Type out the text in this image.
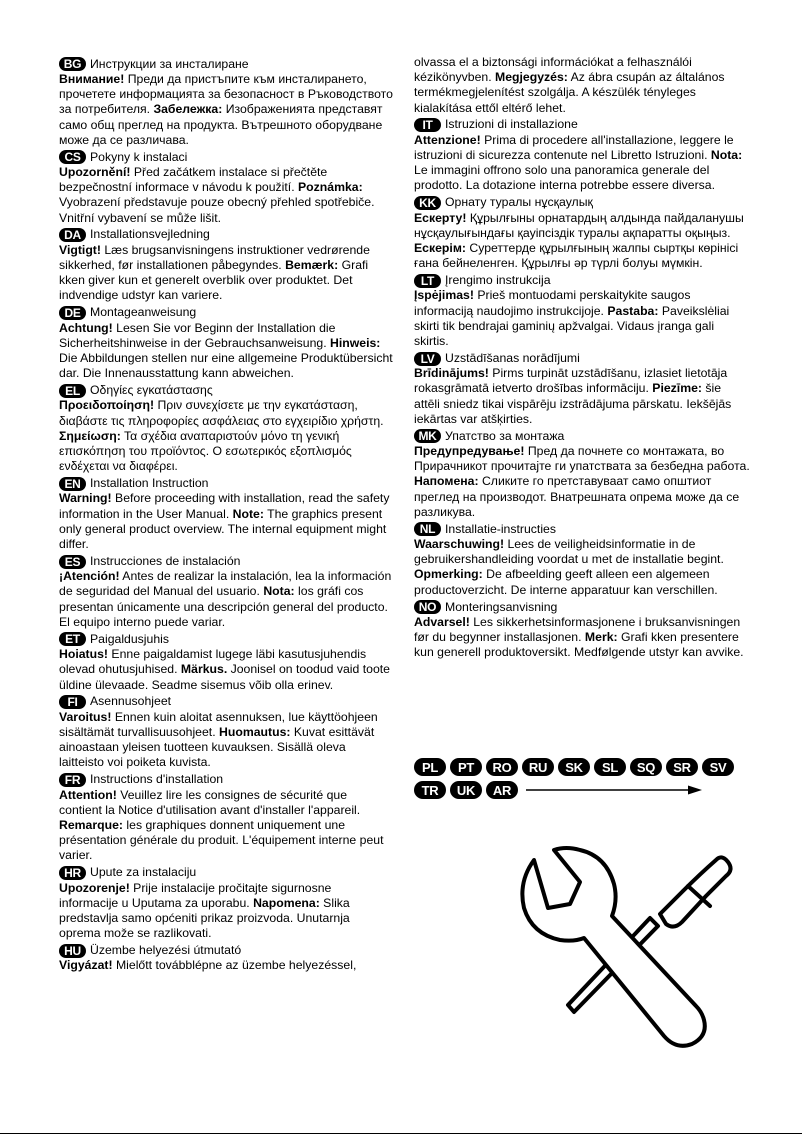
BG Инструкции за инсталиране
Внимание! Преди да пристъпите към инсталирането, прочетете информацията за безопасност в Ръководството за потребителя. Забележка: Изображенията представят само общ преглед на продукта. Вътрешното оборудване може да се различава.
CS Pokyny k instalaci
Upozornění! Před začátkem instalace si přečtěte bezpečnostní informace v návodu k použití. Poznámka: Vyobrazení představuje pouze obecný přehled spotřebiče. Vnitřní vybavení se může lišit.
DA Installationsvejledning
Vigtigt! Læs brugsanvisningens instruktioner vedrørende sikkerhed, før installationen påbegyndes. Bemærk: Grafi kken giver kun et generelt overblik over produktet. Det indvendige udstyr kan variere.
DE Montageanweisung
Achtung! Lesen Sie vor Beginn der Installation die Sicherheitshinweise in der Gebrauchsanweisung. Hinweis: Die Abbildungen stellen nur eine allgemeine Produktübersicht dar. Die Innenausstattung kann abweichen.
EL Οδηγίες εγκατάστασης
Προειδοποίηση! Πριν συνεχίσετε με την εγκατάσταση, διαβάστε τις πληροφορίες ασφάλειας στο εγχειρίδιο χρήστη. Σημείωση: Τα σχέδια αναπαριστούν μόνο τη γενική επισκόπηση του προϊόντος. Ο εσωτερικός εξοπλισμός ενδέχεται να διαφέρει.
EN Installation Instruction
Warning! Before proceeding with installation, read the safety information in the User Manual. Note: The graphics present only general product overview. The internal equipment might differ.
ES Instrucciones de instalación
¡Atención! Antes de realizar la instalación, lea la información de seguridad del Manual del usuario. Nota: los gráfi cos presentan únicamente una descripción general del producto. El equipo interno puede variar.
ET Paigaldusjuhis
Hoiatus! Enne paigaldamist lugege läbi kasutusjuhendis olevad ohutusjuhised. Märkus. Joonisel on toodud vaid toote üldine ülevaade. Seadme sisemus võib olla erinev.
FI	Asennusohjeet
Varoitus! Ennen kuin aloitat asennuksen, lue käyttöohjeen sisältämät turvallisuusohjeet. Huomautus: Kuvat esittävät ainoastaan yleisen tuotteen kuvauksen. Sisällä oleva laitteisto voi poiketa kuvista.
FR Instructions d'installation
Attention! Veuillez lire les consignes de sécurité que contient la Notice d'utilisation avant d'installer l'appareil. Remarque: les graphiques donnent uniquement une présentation générale du produit. L'équipement interne peut varier.
HR Upute za instalaciju
Upozorenje! Prije instalacije pročitajte sigurnosne informacije u Uputama za uporabu. Napomena: Slika predstavlja samo općeniti prikaz proizvoda. Unutarnja oprema može se razlikovati.
HU Üzembe helyezési útmutató
Vigyázat! Mielőtt továbblépne az üzembe helyezéssel,
olvassa el a biztonsági információkat a felhasználói kézikönyvben. Megjegyzés: Az ábra csupán az általános termékmegjelenítést szolgálja. A készülék tényleges kialakítása ettől eltérő lehet.
IT	Istruzioni di installazione
Attenzione! Prima di procedere all'installazione, leggere le istruzioni di sicurezza contenute nel Libretto Istruzioni. Nota: Le immagini offrono solo una panoramica generale del prodotto. La dotazione interna potrebbe essere diversa.
KK Орнату туралы нұсқаулық
Ескерту! Құрылғыны орнатардың алдында пайдаланушы нұсқаулығындағы қауіпсіздік туралы ақпаратты оқыңыз. Ескерім: Суреттерде құрылғының жалпы сыртқы көрінісі ғана бейнеленген. Құрылғы әр түрлі болуы мүмкін.
LT Įrengimo instrukcija
Įspėjimas! Prieš montuodami perskaitykite saugos informaciją naudojimo instrukcijoje. Pastaba: Paveikslėliai skirti tik bendrajai gaminių apžvalgai. Vidaus įranga gali skirtis.
LV Uzstādīšanas norādījumi
Brīdinājums! Pirms turpināt uzstādīšanu, izlasiet lietotāja rokasgrāmatā ietverto drošības informāciju. Piezīme: šie attēli sniedz tikai vispārēju izstrādājuma pārskatu. Iekšējās iekārtas var atšķirties.
MK Упатство за монтажа
Предупредување! Пред да почнете со монтажата, во Прирачникот прочитајте ги упатствата за безбедна работа. Напомена: Сликите го претставуваат само општиот преглед на производот. Внатрешната опрема може да се разликува.
NL Installatie-instructies
Waarschuwing! Lees de veiligheidsinformatie in de gebruikershandleiding voordat u met de installatie begint. Opmerking: De afbeelding geeft alleen een algemeen productoverzicht. De interne apparatuur kan verschillen.
NO Monteringsanvisning
Advarsel! Les sikkerhetsinformasjonene i bruksanvisningen før du begynner installasjonen. Merk: Grafi kken presentere kun generell produktoversikt. Medfølgende utstyr kan avvike.
PL	PT	RO	RU	SK	SL	SQ	SR	SV
TR	UK	AR
